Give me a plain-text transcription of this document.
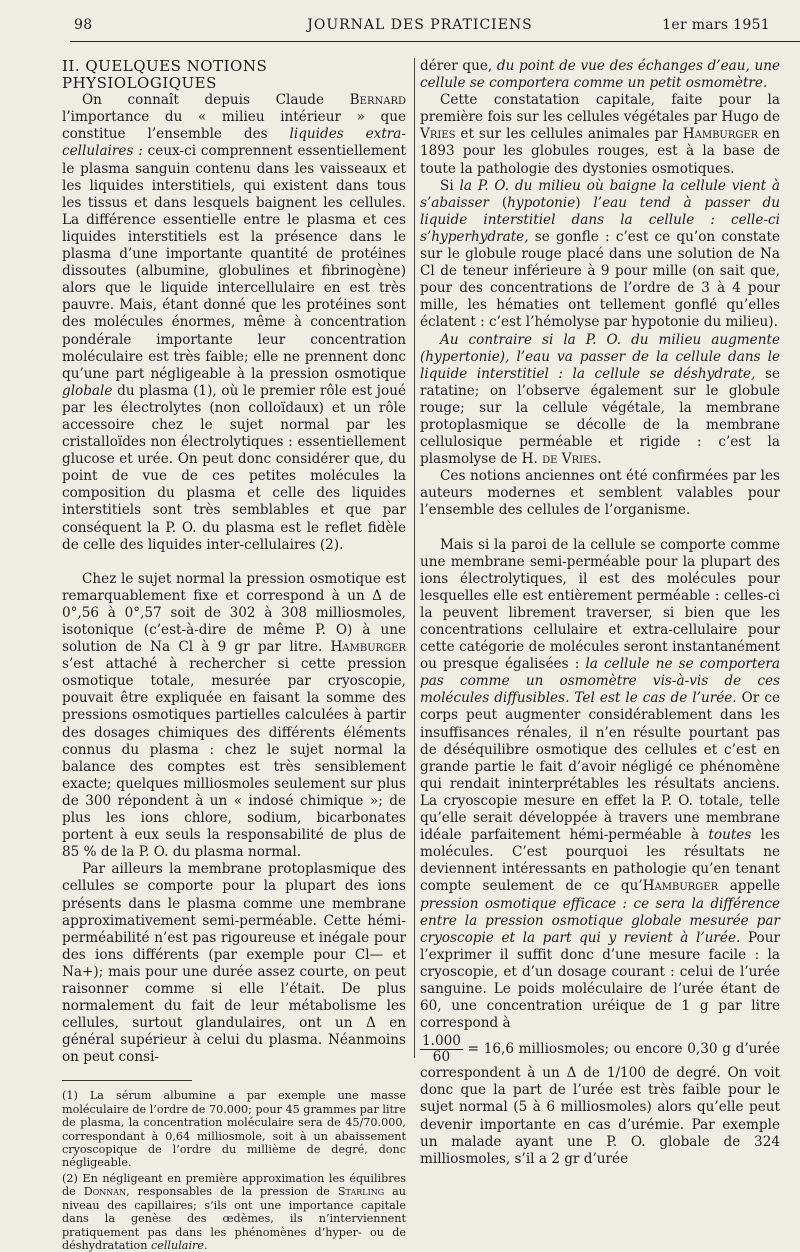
98	JOURNAL DES PRATICIENS	1er mars 1951

II. QUELQUES NOTIONS PHYSIOLOGIQUES

On connaît depuis Claude Bernard l’importance du « milieu intérieur » que constitue l’ensemble des liquides extra-cellulaires : ceux-ci comprennent essentiellement le plasma sanguin contenu dans les vaisseaux et les liquides interstitiels, qui existent dans tous les tissus et dans lesquels baignent les cellules. La différence essentielle entre le plasma et ces liquides interstitiels est la présence dans le plasma d’une importante quantité de protéines dissoutes (albumine, globulines et fibrinogène) alors que le liquide intercellulaire en est très pauvre. Mais, étant donné que les protéines sont des molécules énormes, même à concentration pondérale importante leur concentration moléculaire est très faible; elle ne prennent donc qu’une part négligeable à la pression osmotique globale du plasma (1), où le premier rôle est joué par les électrolytes (non colloïdaux) et un rôle accessoire chez le sujet normal par les cristalloïdes non électrolytiques : essentiellement glucose et urée. On peut donc considérer que, du point de vue de ces petites molécules la composition du plasma et celle des liquides interstitiels sont très semblables et que par conséquent la P. O. du plasma est le reflet fidèle de celle des liquides inter-cellulaires (2).

Chez le sujet normal la pression osmotique est remarquablement fixe et correspond à un Δ de 0°,56 à 0°,57 soit de 302 à 308 milliosmoles, isotonique (c’est-à-dire de même P. O) à une solution de Na Cl à 9 gr par litre. Hamburger s’est attaché à rechercher si cette pression osmotique totale, mesurée par cryoscopie, pouvait être expliquée en faisant la somme des pressions osmotiques partielles calculées à partir des dosages chimiques des différents éléments connus du plasma : chez le sujet normal la balance des comptes est très sensiblement exacte; quelques milliosmoles seulement sur plus de 300 répondent à un « indosé chimique »; de plus les ions chlore, sodium, bicarbonates portent à eux seuls la responsabilité de plus de 85 % de la P. O. du plasma normal.

Par ailleurs la membrane protoplasmique des cellules se comporte pour la plupart des ions présents dans le plasma comme une membrane approximativement semi-perméable. Cette hémi-perméabilité n’est pas rigoureuse et inégale pour des ions différents (par exemple pour Cl— et Na+); mais pour une durée assez courte, on peut raisonner comme si elle l’était. De plus normalement du fait de leur métabolisme les cellules, surtout glandulaires, ont un Δ en général supérieur à celui du plasma. Néanmoins on peut consi-

(1) La sérum albumine a par exemple une masse moléculaire de l’ordre de 70.000; pour 45 grammes par litre de plasma, la concentration moléculaire sera de 45/70.000, correspondant à 0,64 milliosmole, soit à un abaissement cryoscopique de l’ordre du millième de degré, donc négligeable.

(2) En négligeant en première approximation les équilibres de Donnan, responsables de la pression de Starling au niveau des capillaires; s’ils ont une importance capitale dans la genèse des œdèmes, ils n’interviennent pratiquement pas dans les phénomènes d’hyper- ou de déshydratation cellulaire.

dérer que, du point de vue des échanges d’eau, une cellule se comportera comme un petit osmomètre.

Cette constatation capitale, faite pour la première fois sur les cellules végétales par Hugo de Vries et sur les cellules animales par Hamburger en 1893 pour les globules rouges, est à la base de toute la pathologie des dystonies osmotiques.

Si la P. O. du milieu où baigne la cellule vient à s’abaisser (hypotonie) l’eau tend à passer du liquide interstitiel dans la cellule : celle-ci s’hyperhydrate, se gonfle : c’est ce qu’on constate sur le globule rouge placé dans une solution de Na Cl de teneur inférieure à 9 pour mille (on sait que, pour des concentrations de l’ordre de 3 à 4 pour mille, les hématies ont tellement gonflé qu’elles éclatent : c’est l’hémolyse par hypotonie du milieu).

Au contraire si la P. O. du milieu augmente (hypertonie), l’eau va passer de la cellule dans le liquide interstitiel : la cellule se déshydrate, se ratatine; on l’observe également sur le globule rouge; sur la cellule végétale, la membrane protoplasmique se décolle de la membrane cellulosique perméable et rigide : c’est la plasmolyse de H. de Vries.

Ces notions anciennes ont été confirmées par les auteurs modernes et semblent valables pour l’ensemble des cellules de l’organisme.

Mais si la paroi de la cellule se comporte comme une membrane semi-perméable pour la plupart des ions électrolytiques, il est des molécules pour lesquelles elle est entièrement perméable : celles-ci la peuvent librement traverser, si bien que les concentrations cellulaire et extra-cellulaire pour cette catégorie de molécules seront instantanément ou presque égalisées : la cellule ne se comportera pas comme un osmomètre vis-à-vis de ces molécules diffusibles. Tel est le cas de l’urée. Or ce corps peut augmenter considérablement dans les insuffisances rénales, il n’en résulte pourtant pas de déséquilibre osmotique des cellules et c’est en grande partie le fait d’avoir négligé ce phénomène qui rendait ininterprétables les résultats anciens. La cryoscopie mesure en effet la P. O. totale, telle qu’elle serait développée à travers une membrane idéale parfaitement hémi-perméable à toutes les molécules. C’est pourquoi les résultats ne deviennent intéressants en pathologie qu’en tenant compte seulement de ce qu’Hamburger appelle pression osmotique efficace : ce sera la différence entre la pression osmotique globale mesurée par cryoscopie et la part qui y revient à l’urée. Pour l’exprimer il suffit donc d’une mesure facile : la cryoscopie, et d’un dosage courant : celui de l’urée sanguine. Le poids moléculaire de l’urée étant de 60, une concentration uréique de 1 g par litre correspond à

$\frac{1.000}{60} = 16,6$ milliosmoles; ou encore 0,30 g d’urée correspondent à un Δ de 1/100 de degré. On voit donc que la part de l’urée est très faible pour le sujet normal (5 à 6 milliosmoles) alors qu’elle peut devenir importante en cas d’urémie. Par exemple un malade ayant une P. O. globale de 324 milliosmoles, s’il a 2 gr d’urée
